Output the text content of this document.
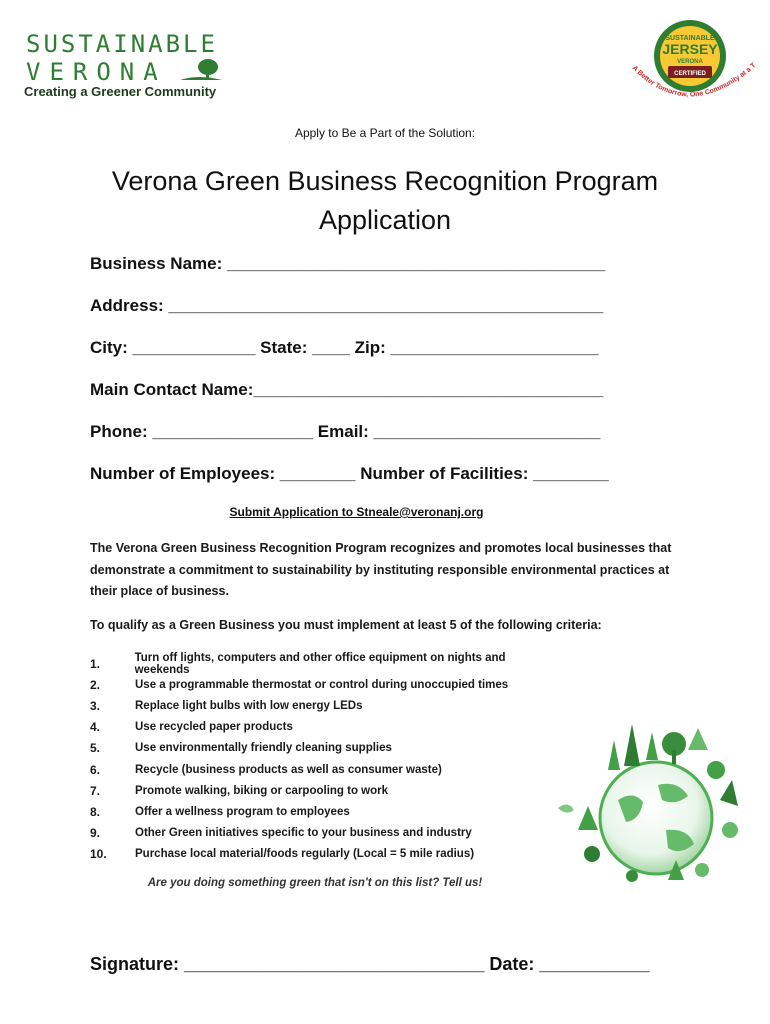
SUSTAINABLE
VERONA
Creating a Greener Community
SUSTAINABLE
JERSEY
VERONA
CERTIFIED
A Better Tomorrow, One Community at a T
Apply to Be a Part of the Solution:
Verona Green Business Recognition Program
Application
Business Name: ________________________________________
Address: ______________________________________________
City: _____________ State: ____ Zip: ______________________
Main Contact Name:_____________________________________
Phone: _________________ Email: ________________________
Number of Employees: ________ Number of Facilities: ________
Submit Application to Stneale@veronanj.org
The Verona Green Business Recognition Program recognizes and promotes local businesses that demonstrate a commitment to sustainability by instituting responsible environmental practices at their place of business.
To qualify as a Green Business you must implement at least 5 of the following criteria:
1.	Turn off lights, computers and other office equipment on nights and weekends
2.	Use a programmable thermostat or control during unoccupied times
3.	Replace light bulbs with low energy LEDs
4.	Use recycled paper products
5.	Use environmentally friendly cleaning supplies
6.	Recycle (business products as well as consumer waste)
7.	Promote walking, biking or carpooling to work
8.	Offer a wellness program to employees
9.	Other Green initiatives specific to your business and industry
10.	Purchase local material/foods regularly (Local = 5 mile radius)
Are you doing something green that isn't on this list? Tell us!
Signature: ______________________________ Date: ___________
